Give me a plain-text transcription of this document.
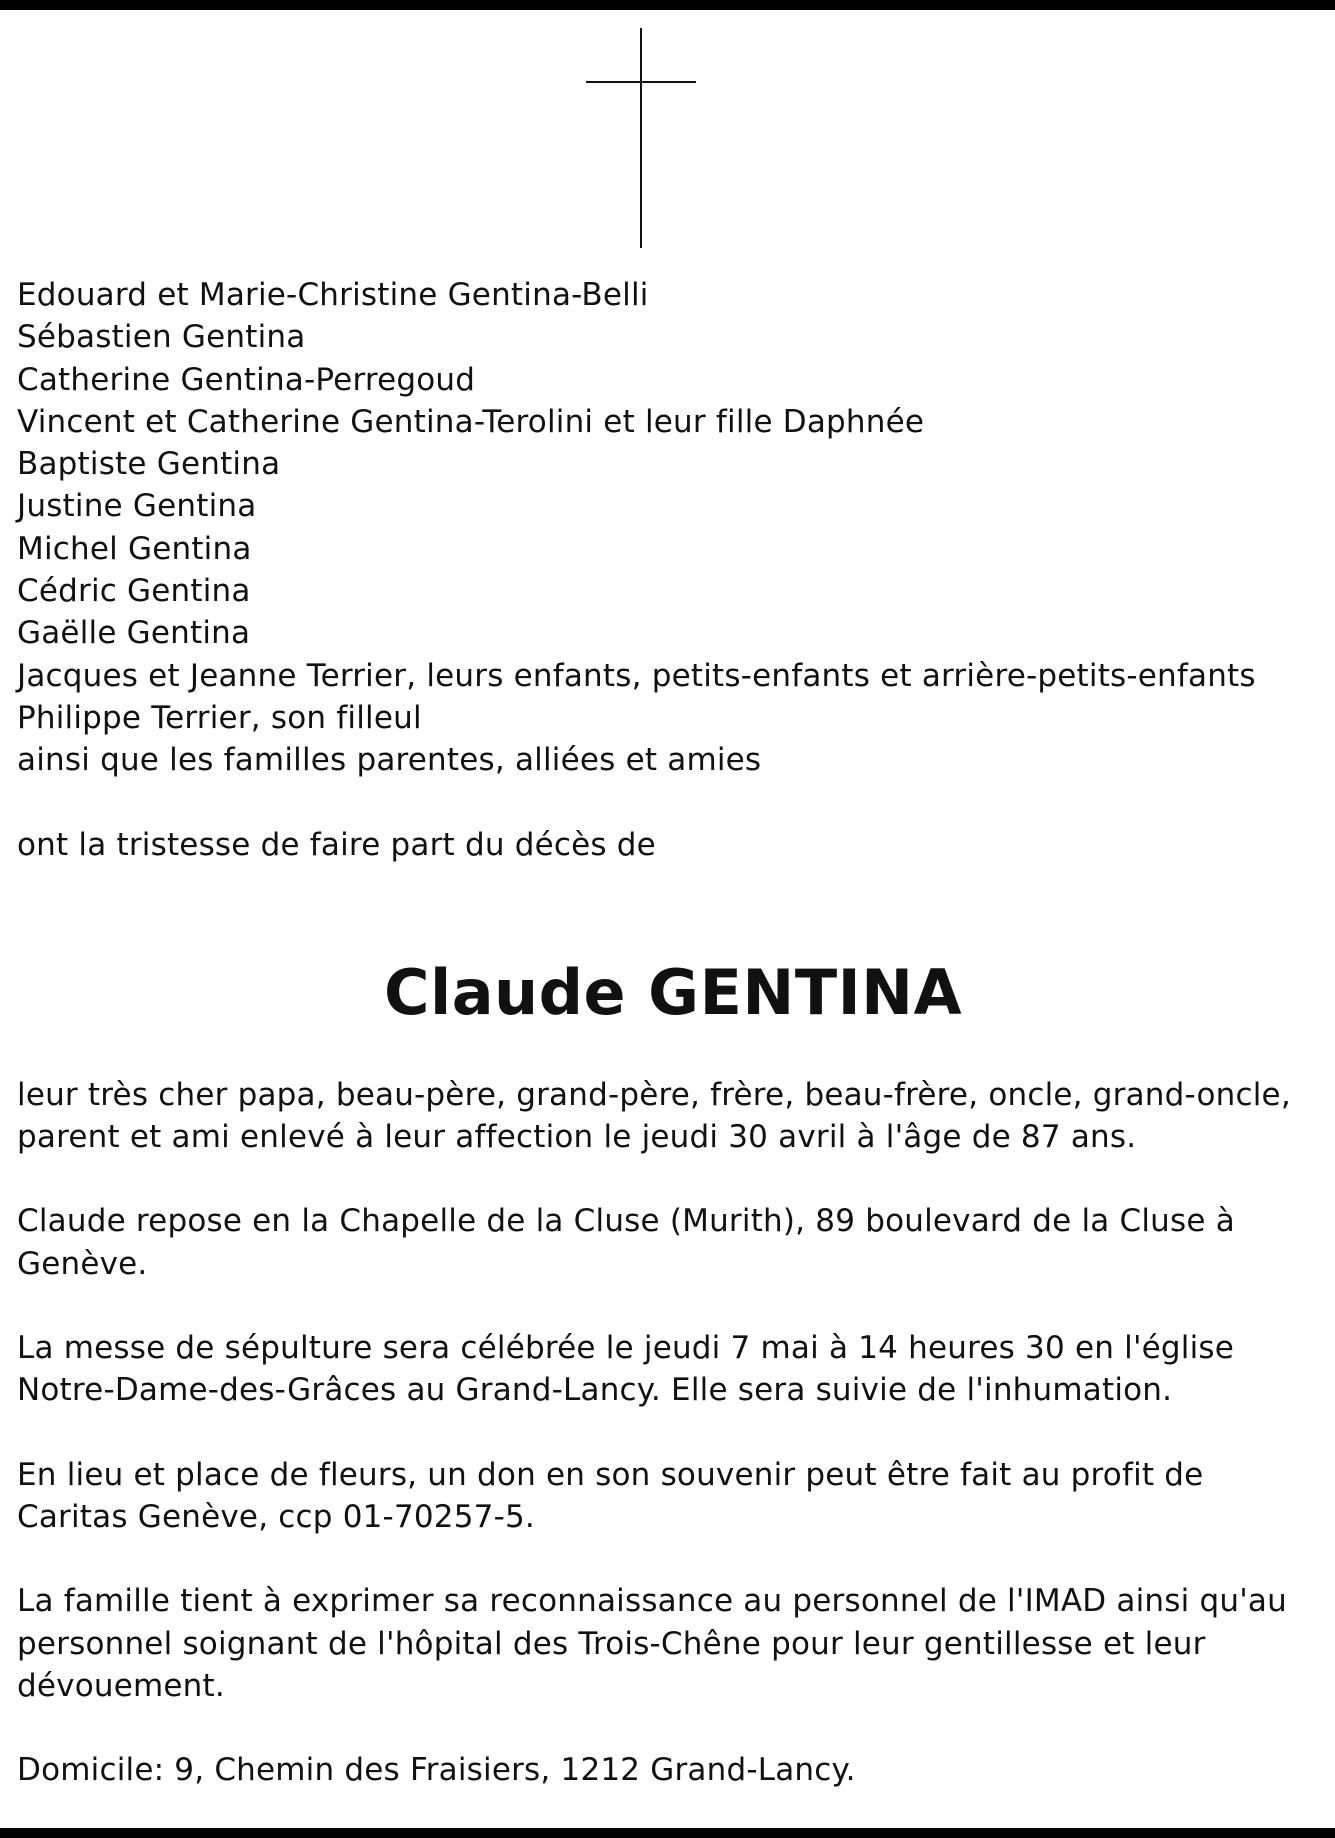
Edouard et Marie-Christine Gentina-Belli

Sébastien Gentina

Catherine Gentina-Perregoud

Vincent et Catherine Gentina-Terolini et leur fille Daphnée

Baptiste Gentina

Justine Gentina

Michel Gentina

Cédric Gentina

Gaëlle Gentina

Jacques et Jeanne Terrier, leurs enfants, petits-enfants et arrière-petits-enfants

Philippe Terrier, son filleul

ainsi que les familles parentes, alliées et amies

ont la tristesse de faire part du décès de

Claude GENTINA

leur très cher papa, beau-père, grand-père, frère, beau-frère, oncle, grand-oncle, parent et ami enlevé à leur affection le jeudi 30 avril à l'âge de 87 ans.

Claude repose en la Chapelle de la Cluse (Murith), 89 boulevard de la Cluse à Genève.

La messe de sépulture sera célébrée le jeudi 7 mai à 14 heures 30 en l'église Notre-Dame-des-Grâces au Grand-Lancy. Elle sera suivie de l'inhumation.

En lieu et place de fleurs, un don en son souvenir peut être fait au profit de Caritas Genève, ccp 01-70257-5.

La famille tient à exprimer sa reconnaissance au personnel de l'IMAD ainsi qu'au personnel soignant de l'hôpital des Trois-Chêne pour leur gentillesse et leur dévouement.

Domicile: 9, Chemin des Fraisiers, 1212 Grand-Lancy.
